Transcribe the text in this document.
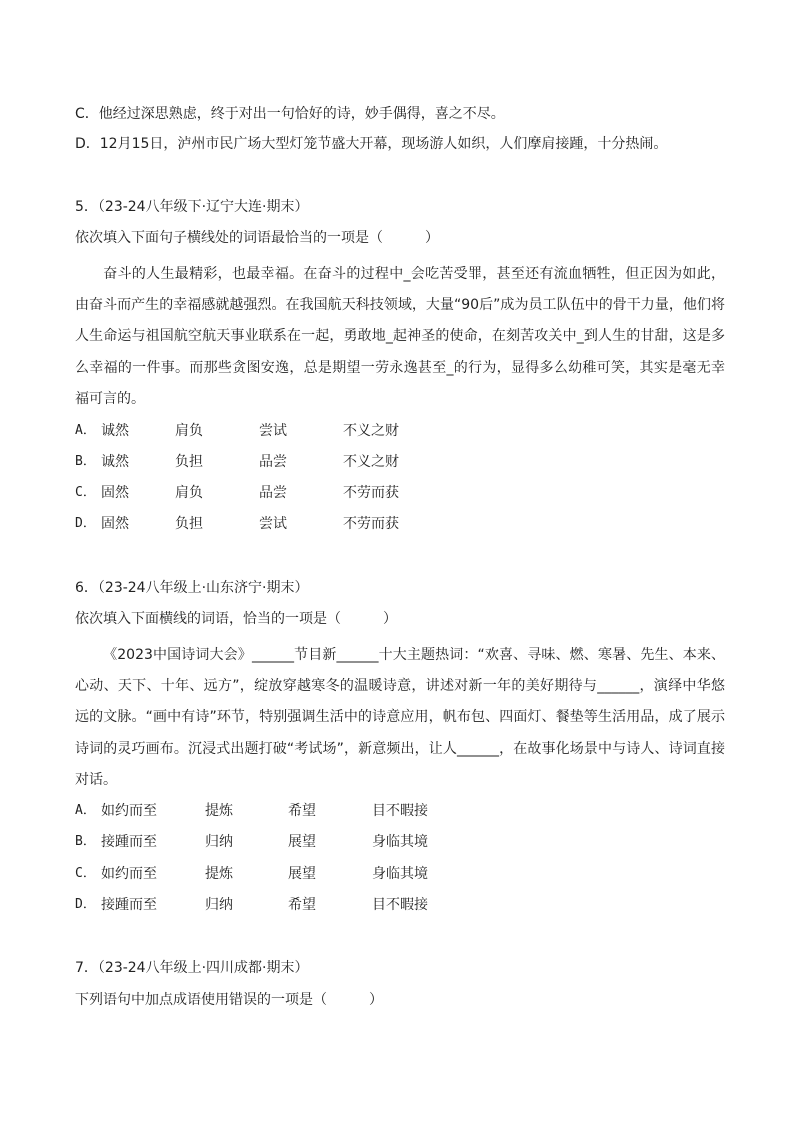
C．他经过深思熟虑，终于对出一句恰好的诗，妙手偶得，喜之不尽。
D．12月15日，泸州市民广场大型灯笼节盛大开幕，现场游人如织，人们摩肩接踵，十分热闹。
5．（23-24八年级下·辽宁大连·期末）
依次填入下面句子横线处的词语最恰当的一项是（　　　）
奋斗的人生最精彩，也最幸福。在奋斗的过程中_会吃苦受罪，甚至还有流血牺牲，但正因为如此，由奋斗而产生的幸福感就越强烈。在我国航天科技领域，大量“90后”成为员工队伍中的骨干力量，他们将人生命运与祖国航空航天事业联系在一起，勇敢地_起神圣的使命，在刻苦攻关中_到人生的甘甜，这是多么幸福的一件事。而那些贪图安逸，总是期望一劳永逸甚至_的行为，显得多么幼稚可笑，其实是毫无幸福可言的。
A． 诚然	肩负	尝试	不义之财
B． 诚然	负担	品尝	不义之财
C． 固然	肩负	品尝	不劳而获
D． 固然	负担	尝试	不劳而获
6．（23-24八年级上·山东济宁·期末）
依次填入下面横线的词语，恰当的一项是（　　　）
《2023中国诗词大会》______节目新______十大主题热词：“欢喜、寻味、燃、寒暑、先生、本来、心动、天下、十年、远方”，绽放穿越寒冬的温暖诗意，讲述对新一年的美好期待与______，演绎中华悠远的文脉。“画中有诗”环节，特别强调生活中的诗意应用，帆布包、四面灯、餐垫等生活用品，成了展示诗词的灵巧画布。沉浸式出题打破“考试场”，新意频出，让人______，在故事化场景中与诗人、诗词直接对话。
A． 如约而至	提炼	希望	目不暇接
B． 接踵而至	归纳	展望	身临其境
C． 如约而至	提炼	展望	身临其境
D． 接踵而至	归纳	希望	目不暇接
7．（23-24八年级上·四川成都·期末）
下列语句中加点成语使用错误的一项是（　　　）
